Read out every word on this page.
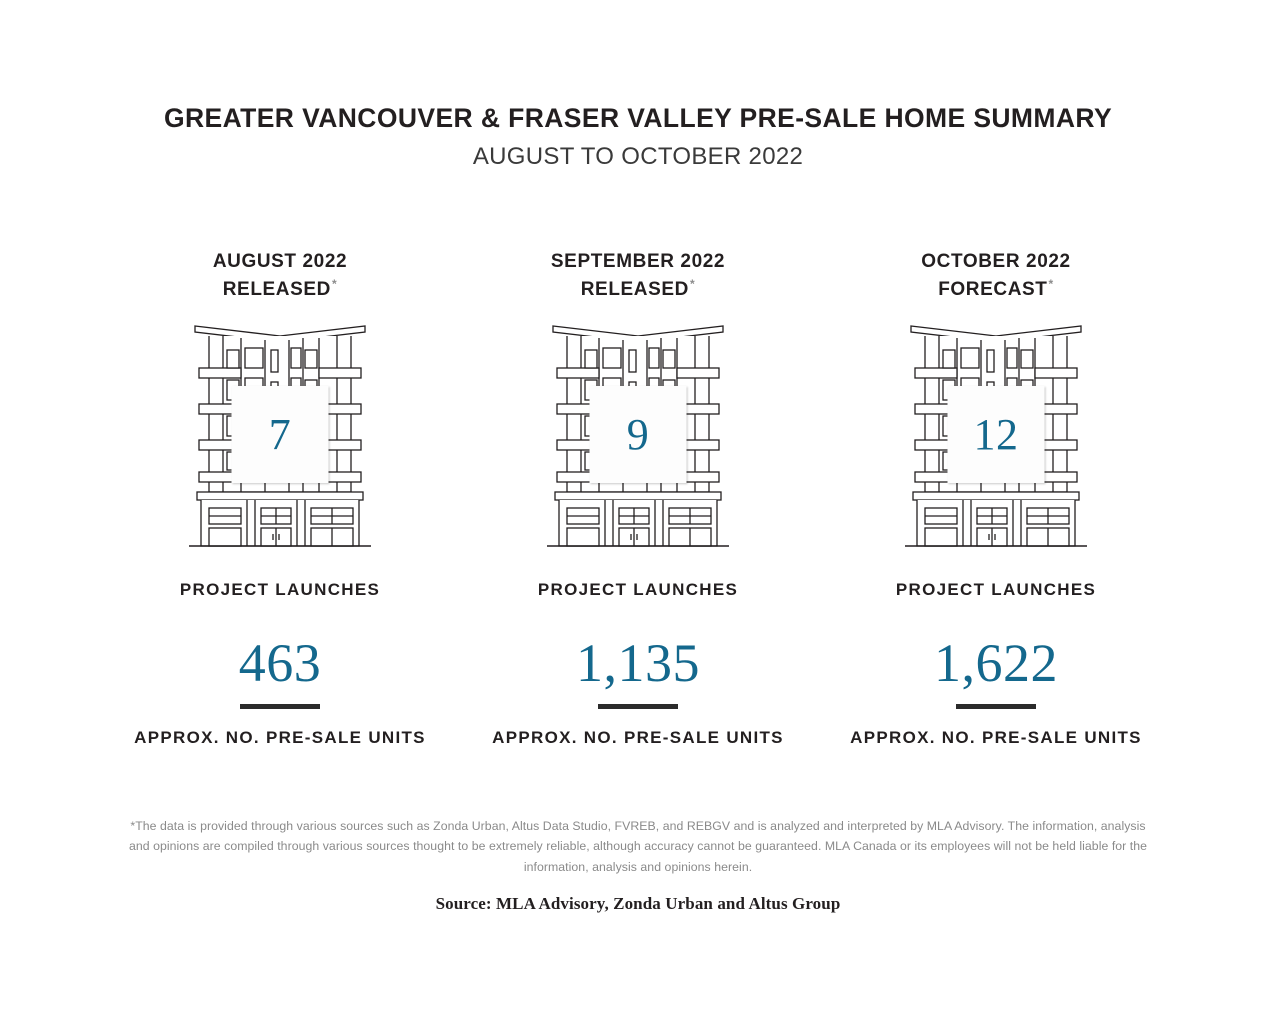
GREATER VANCOUVER & FRASER VALLEY PRE-SALE HOME SUMMARY
AUGUST TO OCTOBER 2022
AUGUST 2022
RELEASED*
7
PROJECT LAUNCHES
463
APPROX. NO. PRE-SALE UNITS
SEPTEMBER 2022
RELEASED*
9
PROJECT LAUNCHES
1,135
APPROX. NO. PRE-SALE UNITS
OCTOBER 2022
FORECAST*
12
PROJECT LAUNCHES
1,622
APPROX. NO. PRE-SALE UNITS
*The data is provided through various sources such as Zonda Urban, Altus Data Studio, FVREB, and REBGV and is analyzed and interpreted by MLA Advisory. The information, analysis and opinions are compiled through various sources thought to be extremely reliable, although accuracy cannot be guaranteed. MLA Canada or its employees will not be held liable for the information, analysis and opinions herein.
Source: MLA Advisory, Zonda Urban and Altus Group
